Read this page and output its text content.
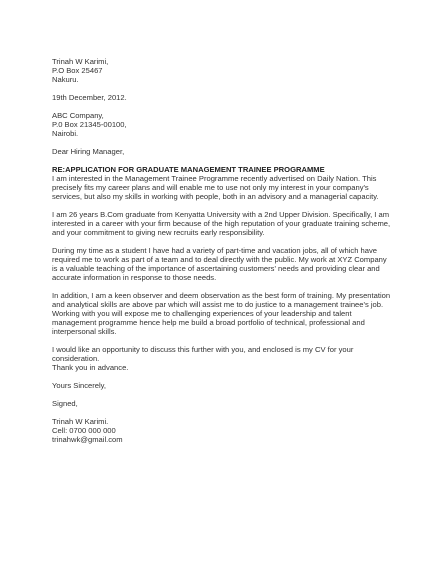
Trinah W Karimi,
P.O Box 25467
Nakuru.
19th December, 2012.
ABC Company,
P.0 Box 21345-00100,
Nairobi.
Dear Hiring Manager,
RE:APPLICATION FOR GRADUATE MANAGEMENT TRAINEE PROGRAMME
I am interested in the Management Trainee Programme recently advertised on Daily Nation. This
precisely fits my career plans and will enable me to use not only my interest in your company's
services, but also my skills in working with people, both in an advisory and a managerial capacity.
I am 26 years B.Com graduate from Kenyatta University with a 2nd Upper Division. Specifically, I am
interested in a career with your firm because of the high reputation of your graduate training scheme,
and your commitment to giving new recruits early responsibility.
During my time as a student I have had a variety of part-time and vacation jobs, all of which have
required me to work as part of a team and to deal directly with the public. My work at XYZ Company
is a valuable teaching of the importance of ascertaining customers' needs and providing clear and
accurate information in response to those needs.
In addition, I am a keen observer and deem observation as the best form of training. My presentation
and analytical skills are above par which will assist me to do justice to a management trainee's job.
Working with you will expose me to challenging experiences of your leadership and talent
management programme hence help me build a broad portfolio of technical, professional and
interpersonal skills.
I would like an opportunity to discuss this further with you, and enclosed is my CV for your
consideration.
Thank you in advance.
Yours Sincerely,
Signed,
Trinah W Karimi.
Cell: 0700 000 000
trinahwk@gmail.com
